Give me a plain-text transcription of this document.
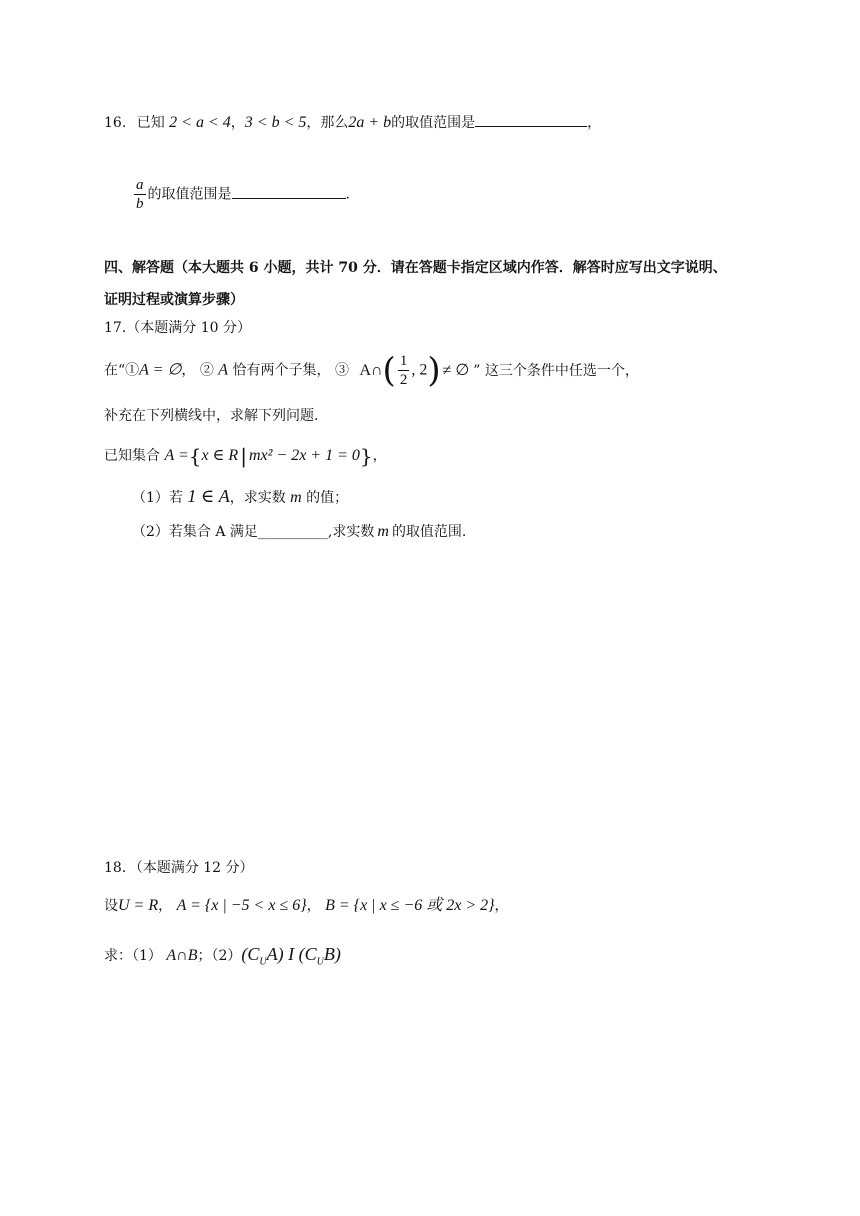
16. 已知 2 < a < 4，3 < b < 5，那么2a + b的取值范围是	，
$\frac{a}{b}$ 的取值范围是	.
四、解答题（本大题共 6 小题，共计 70 分．请在答题卡指定区域内作答．解答时应写出文字说明、
证明过程或演算步骤）
17.（本题满分 10 分）
在“①A = ∅， ② A 恰有两个子集， ③ A∩( $\frac{1}{2}$ , 2) ≠ ∅ ” 这三个条件中任选一个，
补充在下列横线中，求解下列问题.
已知集合 A ={x ∈ R | mx² − 2x + 1 = 0}，
（1）若 1 ∈ A，求实数 m 的值；
（2）若集合 A 满足__________,求实数 m 的取值范围.
18．（本题满分 12 分）
设U = R， A = {x | −5 < x ≤ 6}， B = {x | x ≤ −6 或 2x > 2}，
求：（1） A∩B；$(2)(C_UA)$ I $(C_UB)$
